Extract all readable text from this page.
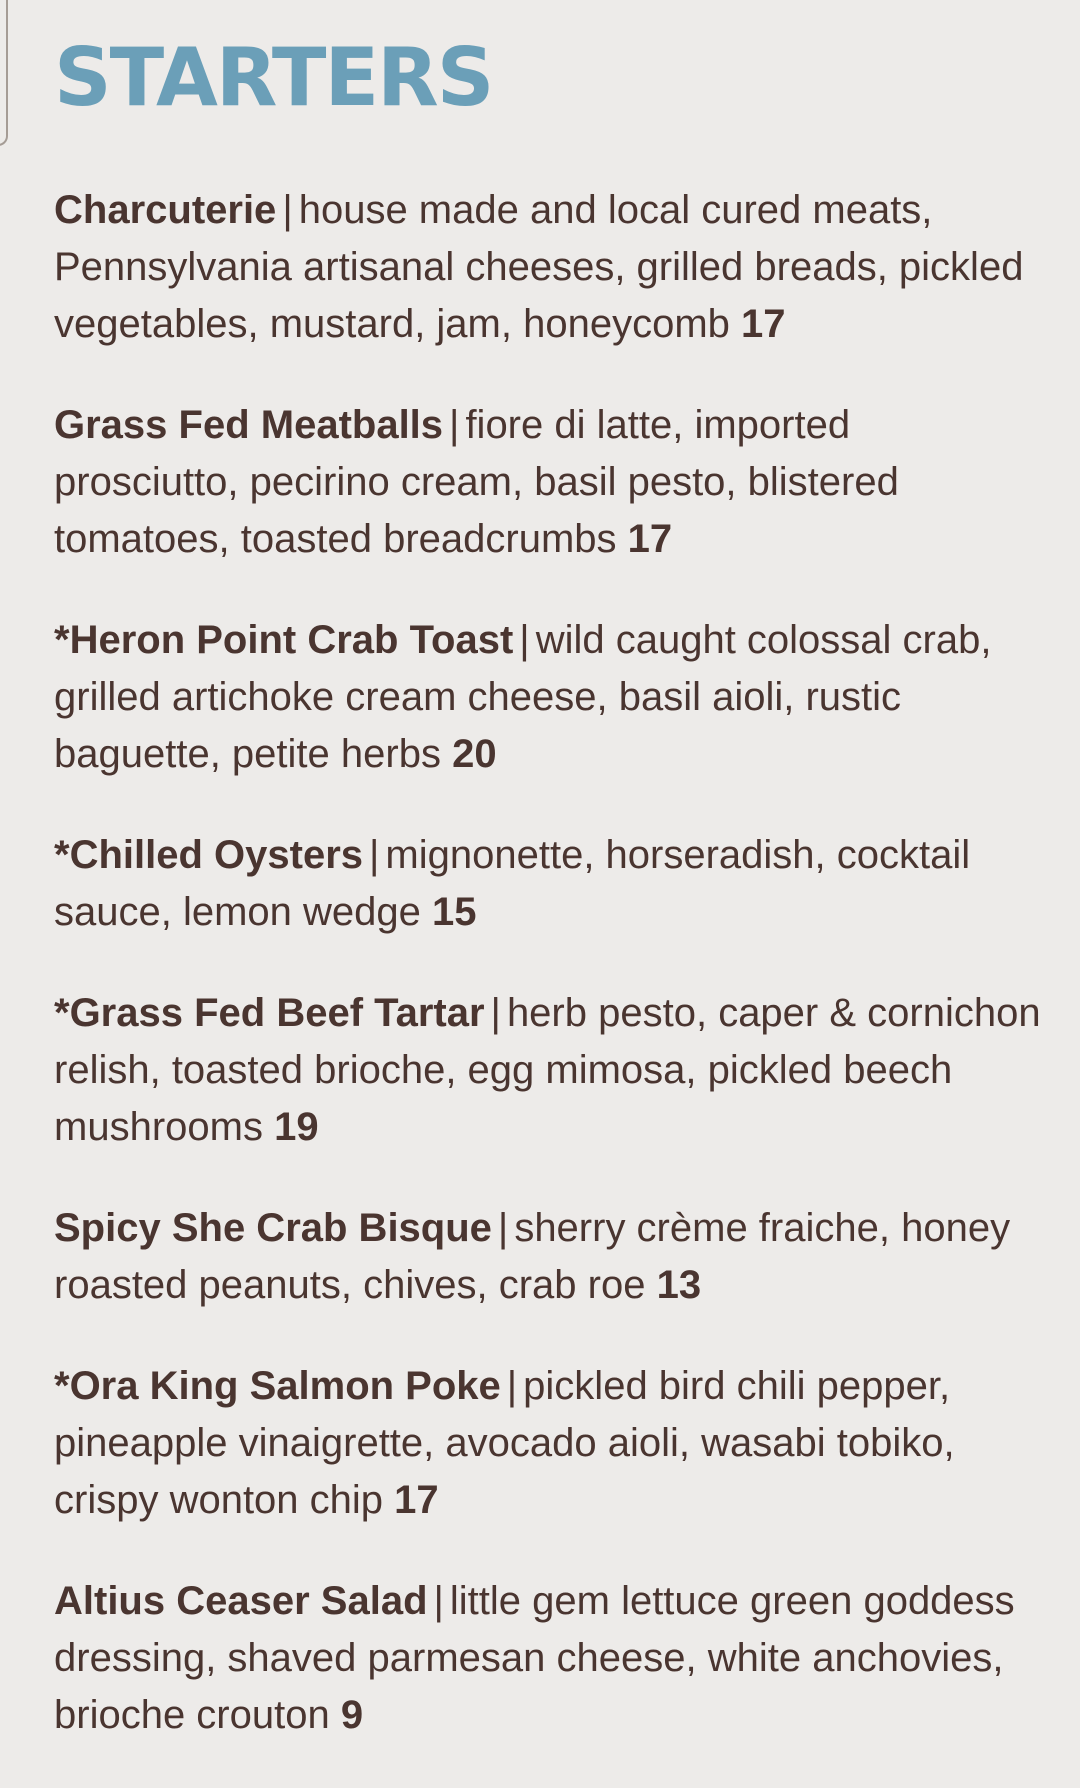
STARTERS
Charcuterie | house made and local cured meats, Pennsylvania artisanal cheeses, grilled breads, pickled vegetables, mustard, jam, honeycomb 17
Grass Fed Meatballs | fiore di latte, imported prosciutto, pecirino cream, basil pesto, blistered tomatoes, toasted breadcrumbs 17
*Heron Point Crab Toast | wild caught colossal crab, grilled artichoke cream cheese, basil aioli, rustic baguette, petite herbs 20
*Chilled Oysters | mignonette, horseradish, cocktail sauce, lemon wedge 15
*Grass Fed Beef Tartar | herb pesto, caper & cornichon relish, toasted brioche, egg mimosa, pickled beech mushrooms 19
Spicy She Crab Bisque | sherry crème fraiche, honey roasted peanuts, chives, crab roe 13
*Ora King Salmon Poke | pickled bird chili pepper, pineapple vinaigrette, avocado aioli, wasabi tobiko, crispy wonton chip 17
Altius Ceaser Salad | little gem lettuce green goddess dressing, shaved parmesan cheese, white anchovies, brioche crouton 9
